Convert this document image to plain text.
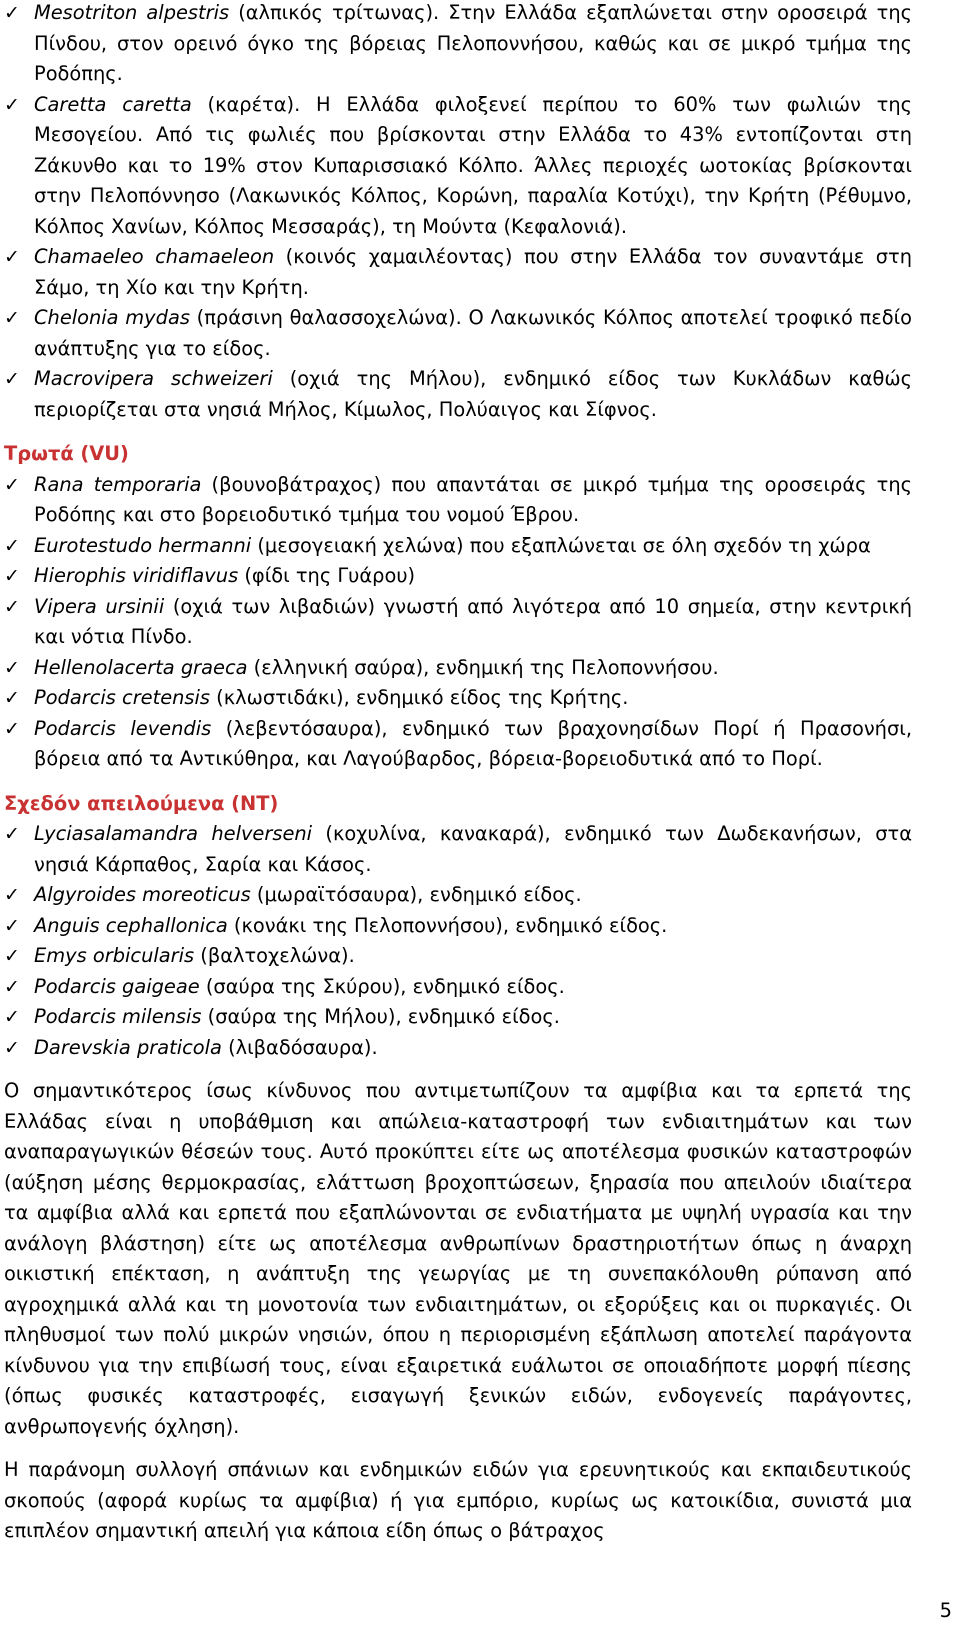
✓ Mesotriton alpestris (αλπικός τρίτωνας). Στην Ελλάδα εξαπλώνεται στην οροσειρά της Πίνδου, στον ορεινό όγκο της βόρειας Πελοποννήσου, καθώς και σε μικρό τμήμα της Ροδόπης.

✓ Caretta caretta (καρέτα). Η Ελλάδα φιλοξενεί περίπου το 60% των φωλιών της Μεσογείου. Από τις φωλιές που βρίσκονται στην Ελλάδα το 43% εντοπίζονται στη Ζάκυνθο και το 19% στον Κυπαρισσιακό Κόλπο. Άλλες περιοχές ωοτοκίας βρίσκονται στην Πελοπόννησο (Λακωνικός Κόλπος, Κορώνη, παραλία Κοτύχι), την Κρήτη (Ρέθυμνο, Κόλπος Χανίων, Κόλπος Μεσσαράς), τη Μούντα (Κεφαλονιά).

✓ Chamaeleo chamaeleon (κοινός χαμαιλέοντας) που στην Ελλάδα τον συναντάμε στη Σάμο, τη Χίο και την Κρήτη.

✓ Chelonia mydas (πράσινη θαλασσοχελώνα). Ο Λακωνικός Κόλπος αποτελεί τροφικό πεδίο ανάπτυξης για το είδος.

✓ Macrovipera schweizeri (οχιά της Μήλου), ενδημικό είδος των Κυκλάδων καθώς περιορίζεται στα νησιά Μήλος, Κίμωλος, Πολύαιγος και Σίφνος.

Τρωτά (VU)

✓ Rana temporaria (βουνοβάτραχος) που απαντάται σε μικρό τμήμα της οροσειράς της Ροδόπης και στο βορειοδυτικό τμήμα του νομού Έβρου.

✓ Eurotestudo hermanni (μεσογειακή χελώνα) που εξαπλώνεται σε όλη σχεδόν τη χώρα

✓ Hierophis viridiflavus (φίδι της Γυάρου)

✓ Vipera ursinii (οχιά των λιβαδιών) γνωστή από λιγότερα από 10 σημεία, στην κεντρική και νότια Πίνδο.

✓ Hellenolacerta graeca (ελληνική σαύρα), ενδημική της Πελοποννήσου.

✓ Podarcis cretensis (κλωστιδάκι), ενδημικό είδος της Κρήτης.

✓ Podarcis levendis (λεβεντόσαυρα), ενδημικό των βραχονησίδων Πορί ή Πρασονήσι, βόρεια από τα Αντικύθηρα, και Λαγούβαρδος, βόρεια-βορειοδυτικά από το Πορί.

Σχεδόν απειλούμενα (NT)

✓ Lyciasalamandra helverseni (κοχυλίνα, κανακαρά), ενδημικό των Δωδεκανήσων, στα νησιά Κάρπαθος, Σαρία και Κάσος.

✓ Algyroides moreoticus (μωραϊτόσαυρα), ενδημικό είδος.

✓ Anguis cephallonica (κονάκι της Πελοποννήσου), ενδημικό είδος.

✓ Emys orbicularis (βαλτοχελώνα).

✓ Podarcis gaigeae (σαύρα της Σκύρου), ενδημικό είδος.

✓ Podarcis milensis (σαύρα της Μήλου), ενδημικό είδος.

✓ Darevskia praticola (λιβαδόσαυρα).

Ο σημαντικότερος ίσως κίνδυνος που αντιμετωπίζουν τα αμφίβια και τα ερπετά της Ελλάδας είναι η υποβάθμιση και απώλεια-καταστροφή των ενδιαιτημάτων και των αναπαραγωγικών θέσεών τους. Αυτό προκύπτει είτε ως αποτέλεσμα φυσικών καταστροφών (αύξηση μέσης θερμοκρασίας, ελάττωση βροχοπτώσεων, ξηρασία που απειλούν ιδιαίτερα τα αμφίβια αλλά και ερπετά που εξαπλώνονται σε ενδιατήματα με υψηλή υγρασία και την ανάλογη βλάστηση) είτε ως αποτέλεσμα ανθρωπίνων δραστηριοτήτων όπως η άναρχη οικιστική επέκταση, η ανάπτυξη της γεωργίας με τη συνεπακόλουθη ρύπανση από αγροχημικά αλλά και τη μονοτονία των ενδιαιτημάτων, οι εξορύξεις και οι πυρκαγιές. Οι πληθυσμοί των πολύ μικρών νησιών, όπου η περιορισμένη εξάπλωση αποτελεί παράγοντα κίνδυνου για την επιβίωσή τους, είναι εξαιρετικά ευάλωτοι σε οποιαδήποτε μορφή πίεσης (όπως φυσικές καταστροφές, εισαγωγή ξενικών ειδών, ενδογενείς παράγοντες, ανθρωπογενής όχληση).

Η παράνομη συλλογή σπάνιων και ενδημικών ειδών για ερευνητικούς και εκπαιδευτικούς σκοπούς (αφορά κυρίως τα αμφίβια) ή για εμπόριο, κυρίως ως κατοικίδια, συνιστά μια επιπλέον σημαντική απειλή για κάποια είδη όπως ο βάτραχος

5
